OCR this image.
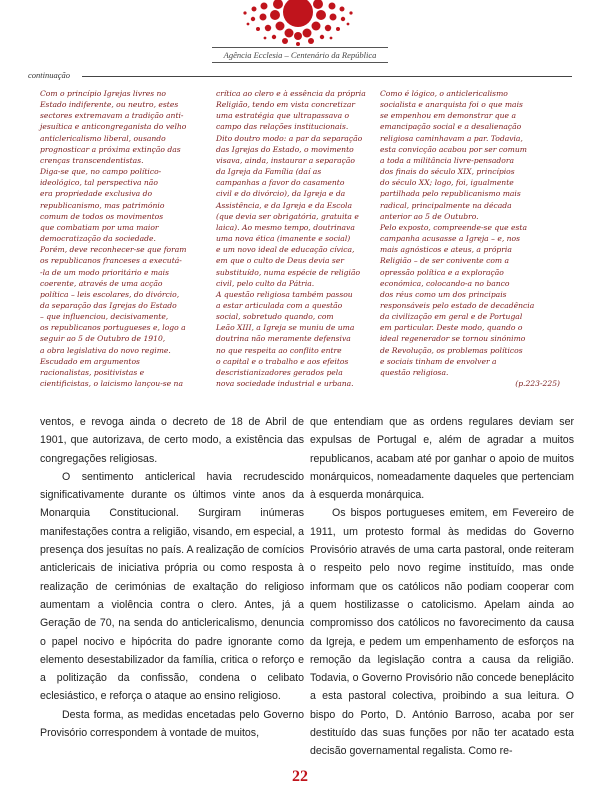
Agência Ecclesia – Centenário da República
continuação

Com o princípio Igrejas livres no

Estado indiferente, ou neutro, estes

sectores extremavam a tradição anti-

jesuítica e anticongreganista do velho

anticlericalismo liberal, ousando

prognosticar a próxima extinção das

crenças transcendentistas.

Diga-se que, no campo político-

ideológico, tal perspectiva não

era propriedade exclusiva do

republicanismo, mas património

comum de todos os movimentos

que combatiam por uma maior

democratização da sociedade.

Porém, deve reconhecer-se que foram

os republicanos franceses a executá-

-la de um modo prioritário e mais

coerente, através de uma acção

política – leis escolares, do divórcio,

da separação das Igrejas do Estado

– que influenciou, decisivamente,

os republicanos portugueses e, logo a

seguir ao 5 de Outubro de 1910,

a obra legislativa do novo regime.

Escudado em argumentos

racionalistas, positivistas e

cientificistas, o laicismo lançou-se na

crítica ao clero e à essência da própria

Religião, tendo em vista concretizar

uma estratégia que ultrapassava o

campo das relações institucionais.

Dito doutro modo: a par da separação

das Igrejas do Estado, o movimento

visava, ainda, instaurar a separação

da Igreja da Família (daí as

campanhas a favor do casamento

civil e do divórcio), da Igreja e da

Assistência, e da Igreja e da Escola

(que devia ser obrigatória, gratuita e

laica). Ao mesmo tempo, doutrinava

uma nova ética (imanente e social)

e um novo ideal de educação cívica,

em que o culto de Deus devia ser

substituído, numa espécie de religião

civil, pelo culto da Pátria.

A questão religiosa também passou

a estar articulada com a questão

social, sobretudo quando, com

Leão XIII, a Igreja se muniu de uma

doutrina não meramente defensiva

no que respeita ao conflito entre

o capital e o trabalho e aos efeitos

descristianizadores gerados pela

nova sociedade industrial e urbana.

Como é lógico, o anticlericalismo

socialista e anarquista foi o que mais

se empenhou em demonstrar que a

emancipação social e a desalienação

religiosa caminhavam a par. Todavia,

esta convicção acabou por ser comum

a toda a militância livre-pensadora

dos finais do século XIX, princípios

do século XX; logo, foi, igualmente

partilhada pelo republicanismo mais

radical, principalmente na década

anterior ao 5 de Outubro.

Pelo exposto, compreende-se que esta

campanha acusasse a Igreja – e, nos

mais agnósticos e ateus, a própria

Religião – de ser conivente com a

opressão política e a exploração

económica, colocando-a no banco

dos réus como um dos principais

responsáveis pelo estado de decadência

da civilização em geral e de Portugal

em particular. Deste modo, quando o

ideal regenerador se tornou sinónimo

de Revolução, os problemas políticos

e sociais tinham de envolver a

questão religiosa.

(p.223-225)

ventos, e revoga ainda o decreto de 18 de Abril de 1901, que autorizava, de certo modo, a existência das congregações religiosas.

O sentimento anticlerical havia recrudescido significativamente durante os últimos vinte anos da Monarquia Constitucional. Surgiram inúmeras manifestações contra a religião, visando, em especial, a presença dos jesuítas no país. A realização de comícios anticlericais de iniciativa própria ou como resposta à realização de cerimónias de exaltação do religioso aumentam a violência contra o clero. Antes, já a Geração de 70, na senda do anticlericalismo, denuncia o papel nocivo e hipócrita do padre ignorante como elemento desestabilizador da família, critica o reforço e a politização da confissão, condena o celibato eclesiástico, e reforça o ataque ao ensino religioso.

Desta forma, as medidas encetadas pelo Governo Provisório correspondem à vontade de muitos,

que entendiam que as ordens regulares deviam ser expulsas de Portugal e, além de agradar a muitos republicanos, acabam até por ganhar o apoio de muitos monárquicos, nomeadamente daqueles que pertenciam à esquerda monárquica.

Os bispos portugueses emitem, em Fevereiro de 1911, um protesto formal às medidas do Governo Provisório através de uma carta pastoral, onde reiteram o respeito pelo novo regime instituído, mas onde informam que os católicos não podiam cooperar com quem hostilizasse o catolicismo. Apelam ainda ao compromisso dos católicos no favorecimento da causa da Igreja, e pedem um empenhamento de esforços na remoção da legislação contra a causa da religião. Todavia, o Governo Provisório não concede beneplácito a esta pastoral colectiva, proibindo a sua leitura. O bispo do Porto, D. António Barroso, acaba por ser destituído das suas funções por não ter acatado esta decisão governamental regalista. Como re-

22
